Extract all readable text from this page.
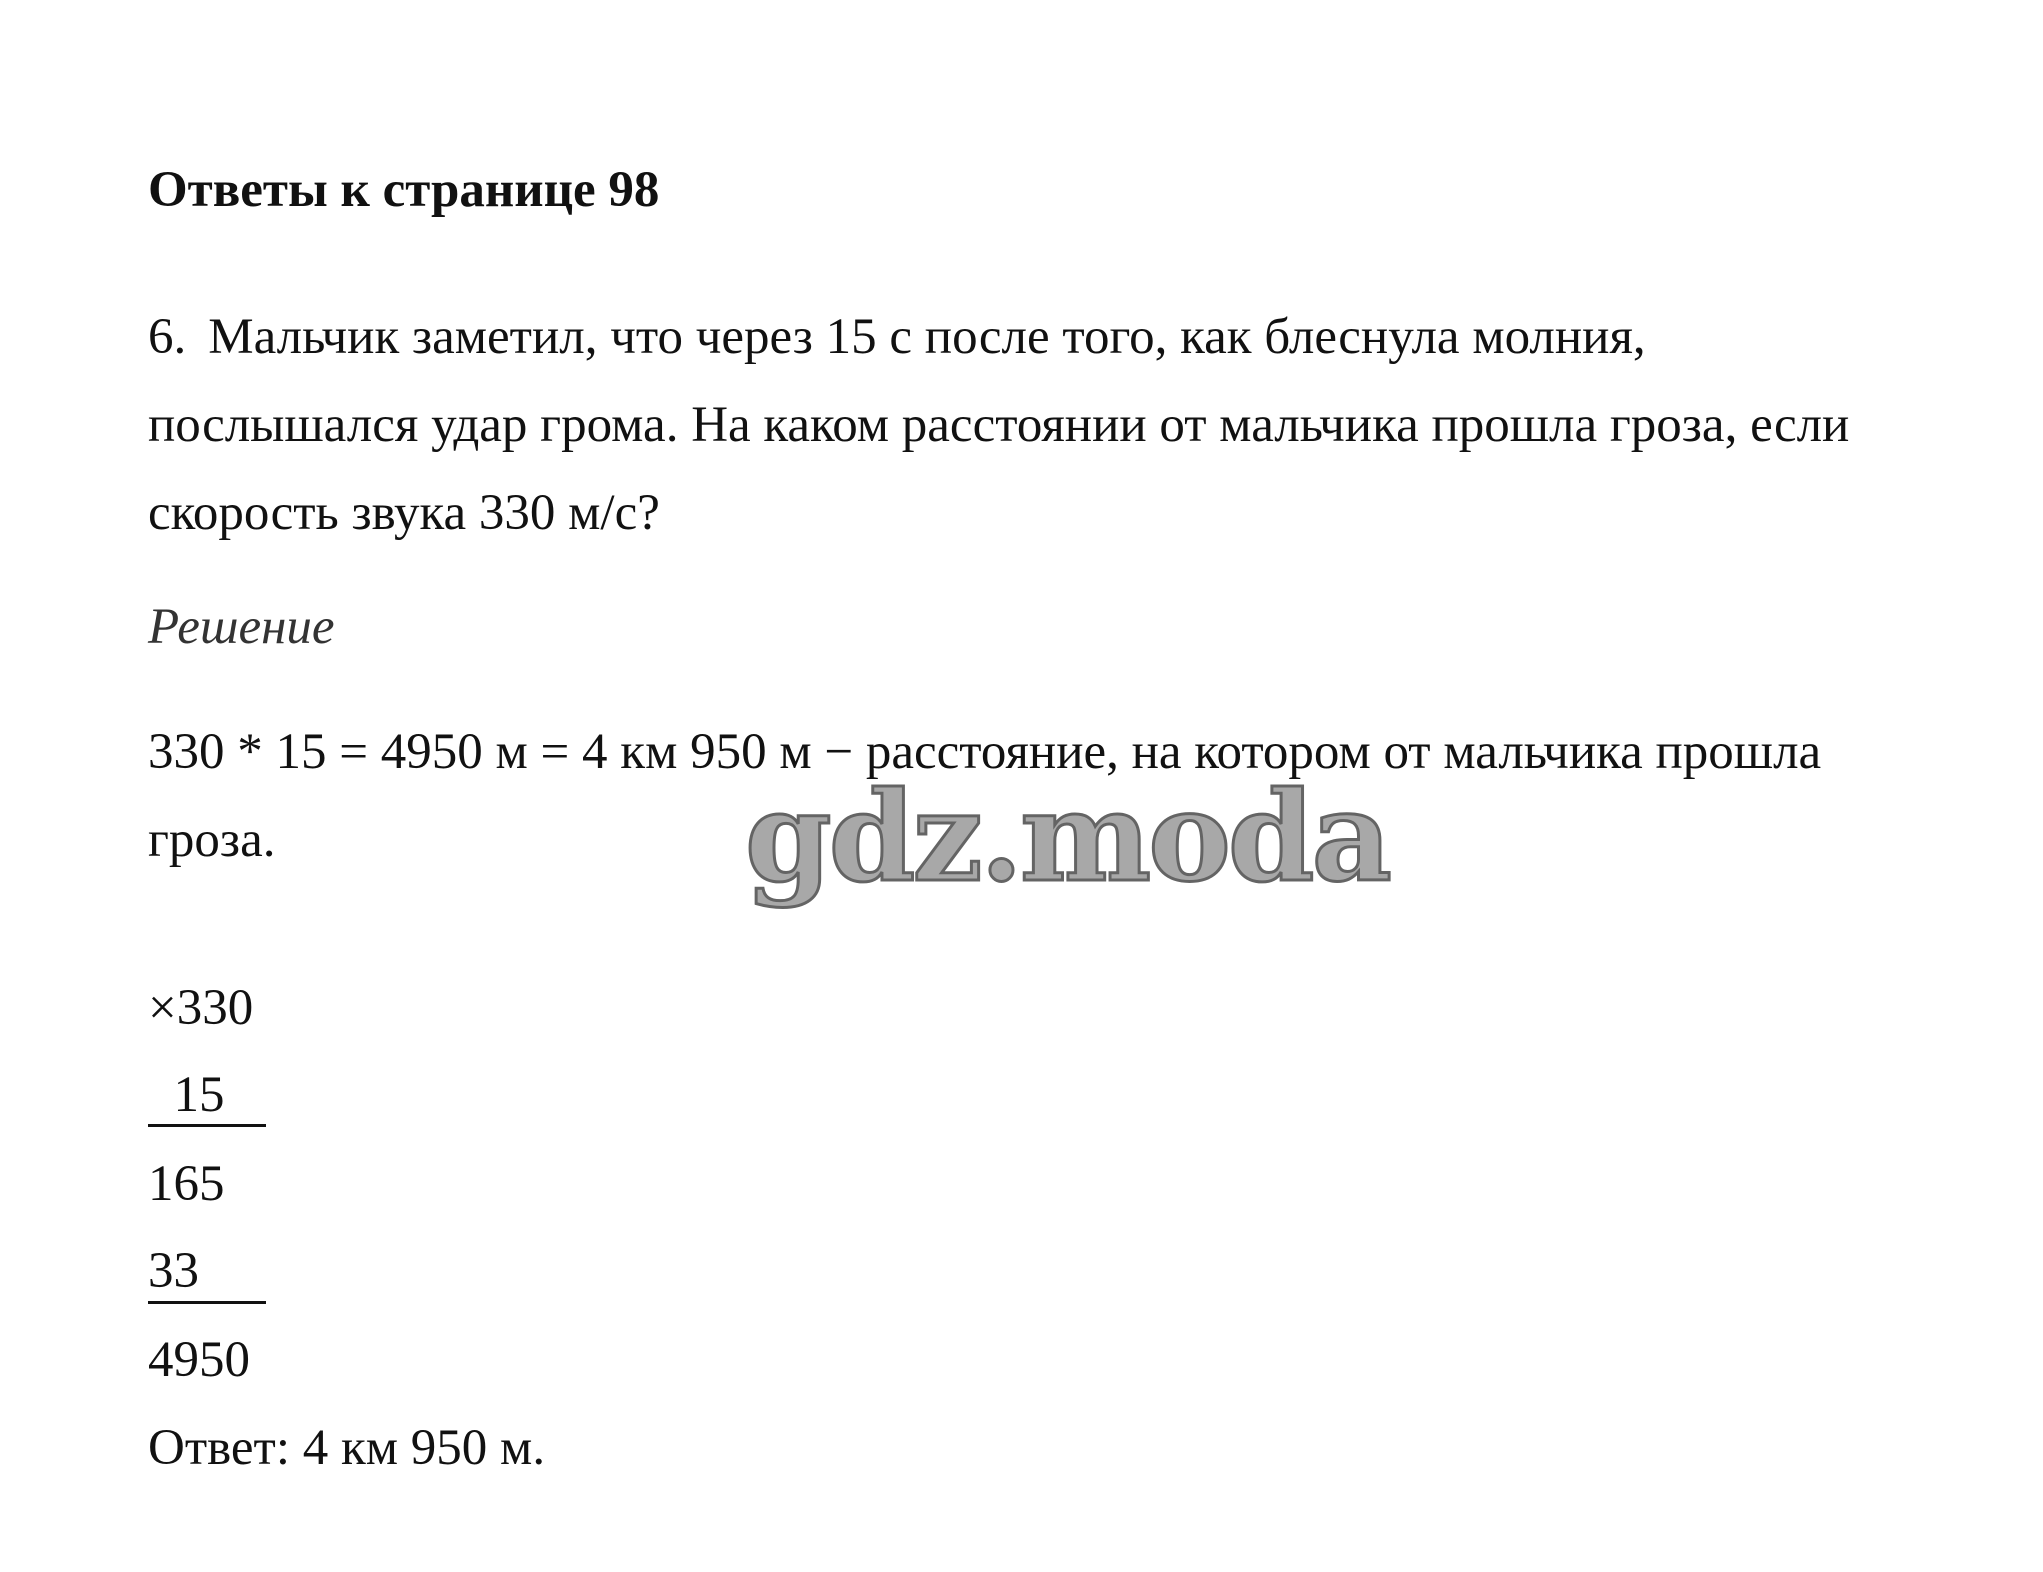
Ответы к странице 98
6. Мальчик заметил, что через 15 с после того, как блеснула молния, послышался удар грома. На каком расстоянии от мальчика прошла гроза, если скорость звука 330 м/с?
Решение
330 * 15 = 4950 м = 4 км 950 м − расстояние, на котором от мальчика прошла гроза.	gdz.moda
×330
15
165
33
4950
Ответ: 4 км 950 м.
